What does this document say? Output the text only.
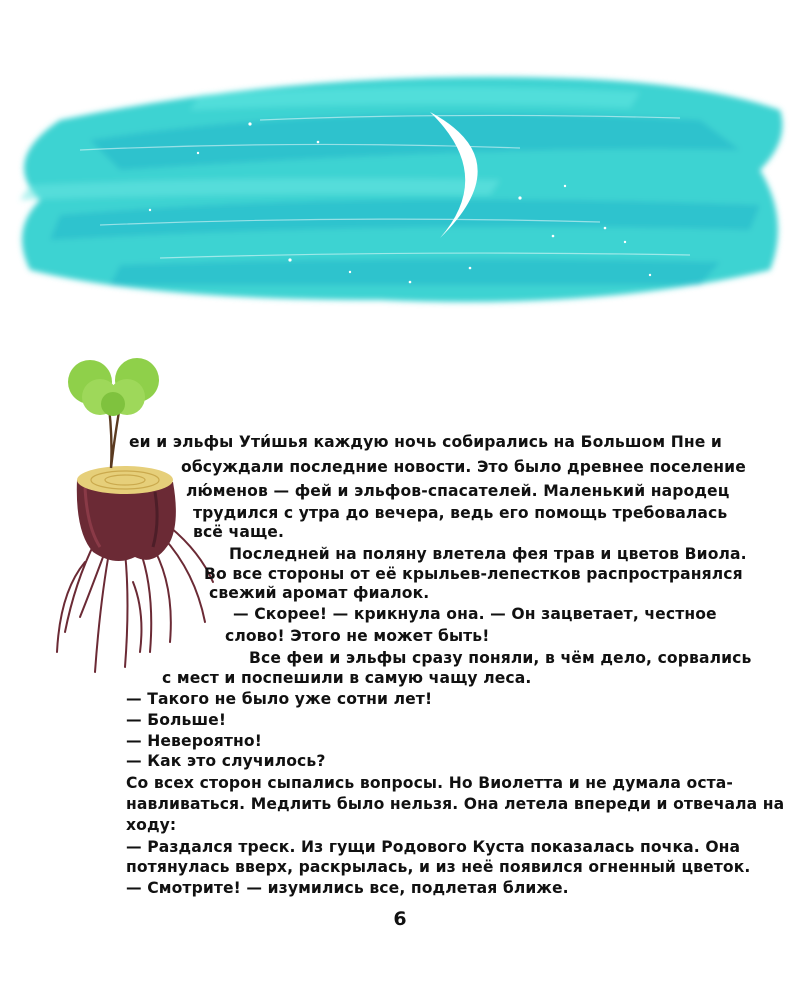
еи и эльфы Ути́шья каждую ночь собирались на Большом Пне и
обсуждали последние новости. Это было древнее поселение
лю́менов — фей и эльфов-спасателей. Маленький народец
трудился с утра до вечера, ведь его помощь требовалась
всё чаще.
Последней на поляну влетела фея трав и цветов Виола.
Во все стороны от её крыльев-лепестков распространялся
свежий аромат фиалок.
— Скорее! — крикнула она. — Он зацветает, честное
слово! Этого не может быть!
Все феи и эльфы сразу поняли, в чём дело, сорвались
с мест и поспешили в самую чащу леса.
— Такого не было уже сотни лет!
— Больше!
— Невероятно!
— Как это случилось?
Со всех сторон сыпались вопросы. Но Виолетта и не думала оста-
навливаться. Медлить было нельзя. Она летела впереди и отвечала на
ходу:
— Раздался треск. Из гущи Родового Куста показалась почка. Она
потянулась вверх, раскрылась, и из неё появился огненный цветок.
— Смотрите! — изумились все, подлетая ближе.
6
